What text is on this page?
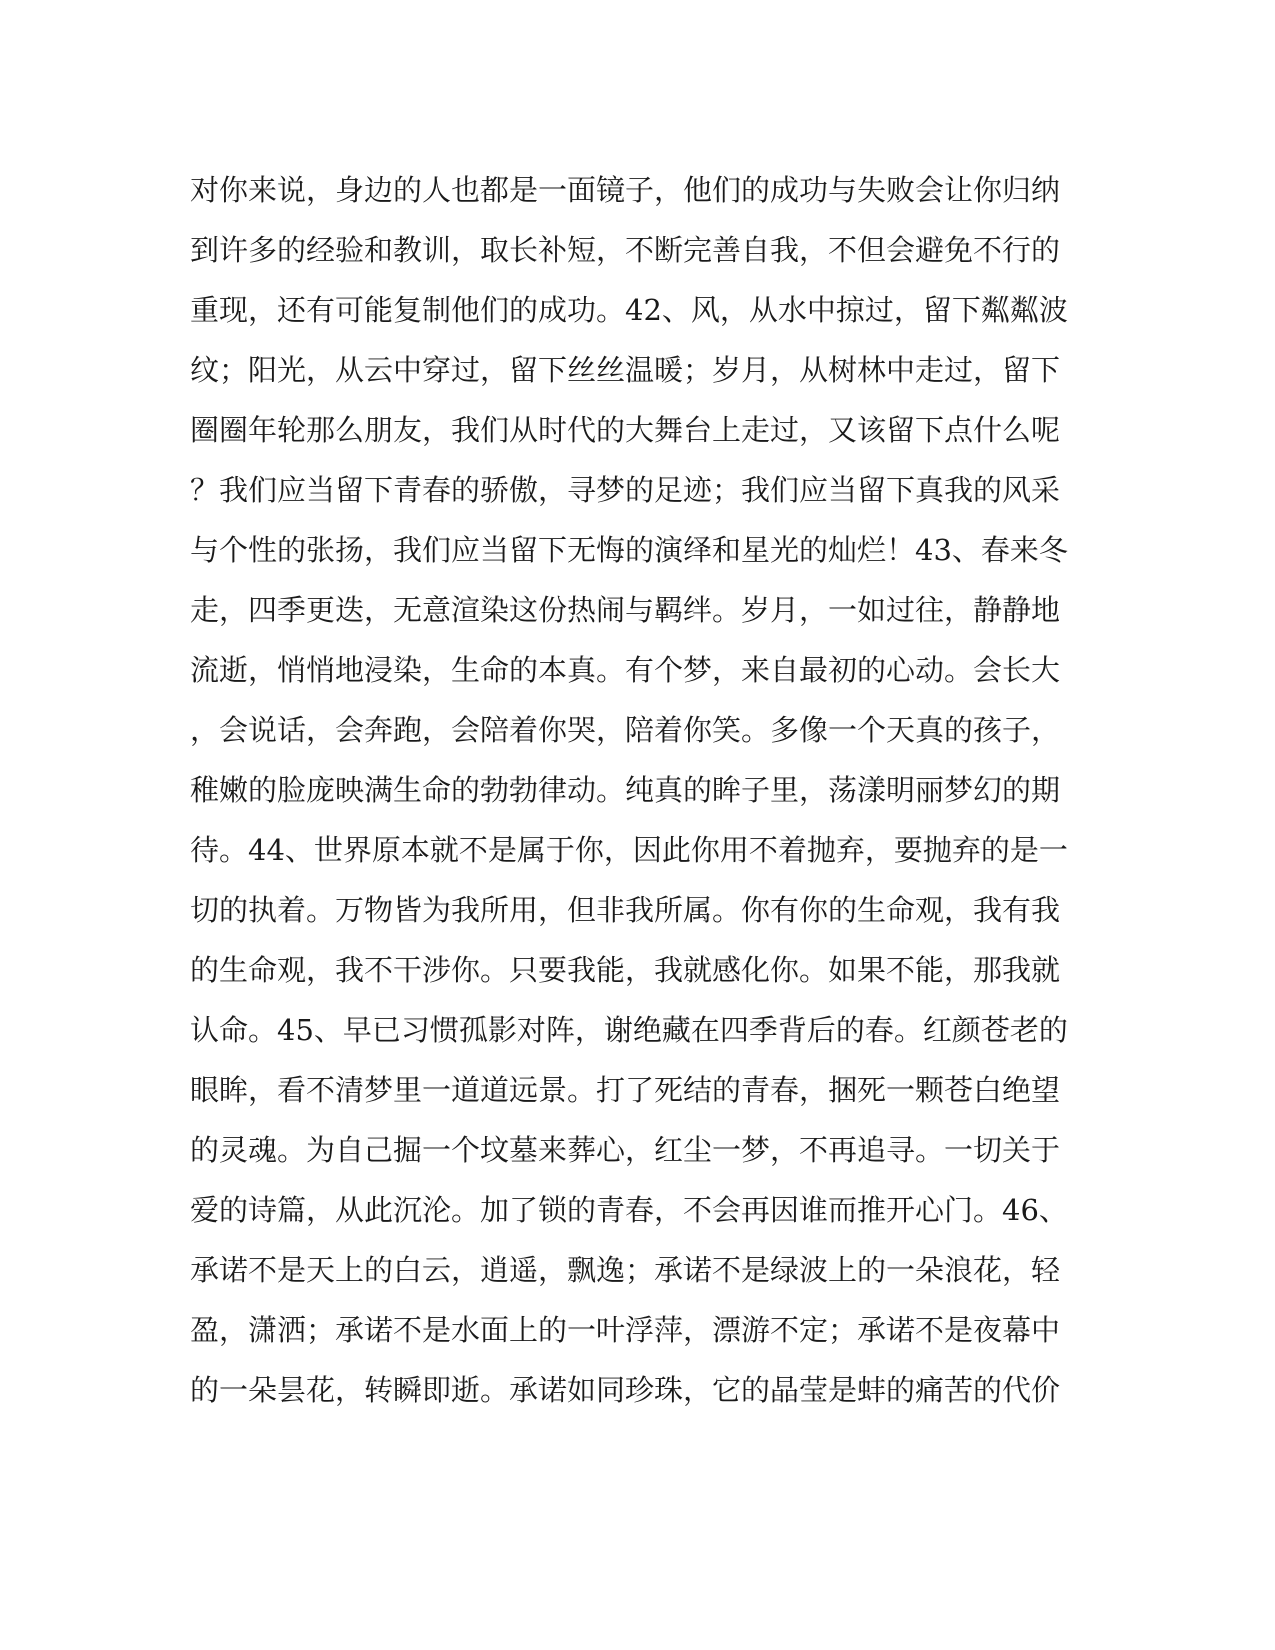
对你来说，身边的人也都是一面镜子，他们的成功与失败会让你归纳
到许多的经验和教训，取长补短，不断完善自我，不但会避免不行的
重现，还有可能复制他们的成功。42、风，从水中掠过，留下粼粼波
纹；阳光，从云中穿过，留下丝丝温暖；岁月，从树林中走过，留下
圈圈年轮那么朋友，我们从时代的大舞台上走过，又该留下点什么呢
？我们应当留下青春的骄傲，寻梦的足迹；我们应当留下真我的风采
与个性的张扬，我们应当留下无悔的演绎和星光的灿烂！43、春来冬
走，四季更迭，无意渲染这份热闹与羁绊。岁月，一如过往，静静地
流逝，悄悄地浸染，生命的本真。有个梦，来自最初的心动。会长大
，会说话，会奔跑，会陪着你哭，陪着你笑。多像一个天真的孩子，
稚嫩的脸庞映满生命的勃勃律动。纯真的眸子里，荡漾明丽梦幻的期
待。44、世界原本就不是属于你，因此你用不着抛弃，要抛弃的是一
切的执着。万物皆为我所用，但非我所属。你有你的生命观，我有我
的生命观，我不干涉你。只要我能，我就感化你。如果不能，那我就
认命。45、早已习惯孤影对阵，谢绝藏在四季背后的春。红颜苍老的
眼眸，看不清梦里一道道远景。打了死结的青春，捆死一颗苍白绝望
的灵魂。为自己掘一个坟墓来葬心，红尘一梦，不再追寻。一切关于
爱的诗篇，从此沉沦。加了锁的青春，不会再因谁而推开心门。46、
承诺不是天上的白云，逍遥，飘逸；承诺不是绿波上的一朵浪花，轻
盈，潇洒；承诺不是水面上的一叶浮萍，漂游不定；承诺不是夜幕中
的一朵昙花，转瞬即逝。承诺如同珍珠，它的晶莹是蚌的痛苦的代价
